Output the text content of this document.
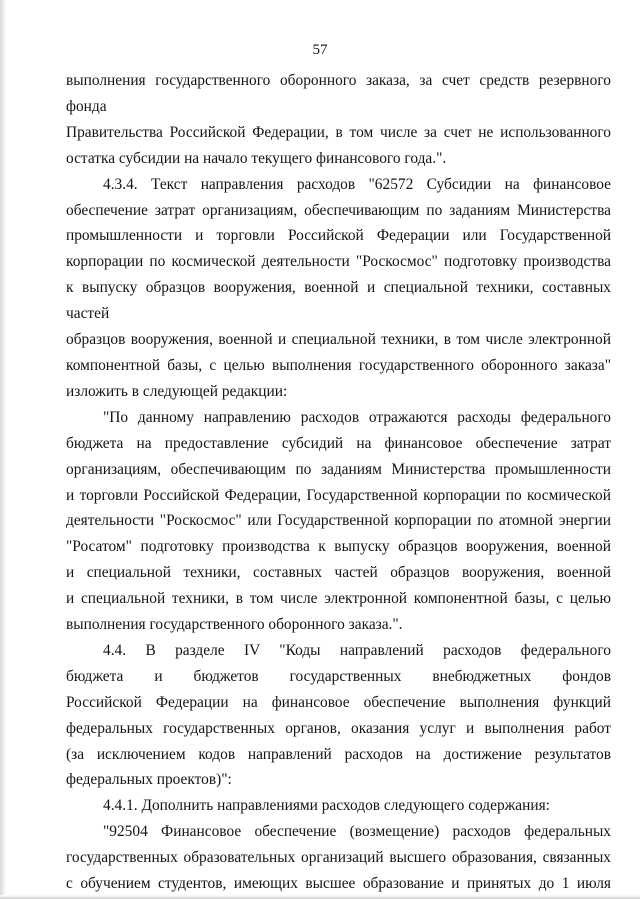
57

выполнения государственного оборонного заказа, за счет средств резервного фонда

Правительства Российской Федерации, в том числе за счет не использованного

остатка субсидии на начало текущего финансового года.".

4.3.4. Текст направления расходов "62572 Субсидии на финансовое

обеспечение затрат организациям, обеспечивающим по заданиям Министерства

промышленности и торговли Российской Федерации или Государственной

корпорации по космической деятельности "Роскосмос" подготовку производства

к выпуску образцов вооружения, военной и специальной техники, составных частей

образцов вооружения, военной и специальной техники, в том числе электронной

компонентной базы, с целью выполнения государственного оборонного заказа"

изложить в следующей редакции:

"По данному направлению расходов отражаются расходы федерального

бюджета на предоставление субсидий на финансовое обеспечение затрат

организациям, обеспечивающим по заданиям Министерства промышленности

и торговли Российской Федерации, Государственной корпорации по космической

деятельности "Роскосмос" или Государственной корпорации по атомной энергии

"Росатом" подготовку производства к выпуску образцов вооружения, военной

и специальной техники, составных частей образцов вооружения, военной

и специальной техники, в том числе электронной компонентной базы, с целью

выполнения государственного оборонного заказа.".

4.4. В разделе IV "Коды направлений расходов федерального

бюджета и бюджетов государственных внебюджетных фондов

Российской Федерации на финансовое обеспечение выполнения функций

федеральных государственных органов, оказания услуг и выполнения работ

(за исключением кодов направлений расходов на достижение результатов

федеральных проектов)":

4.4.1. Дополнить направлениями расходов следующего содержания:

"92504 Финансовое обеспечение (возмещение) расходов федеральных

государственных образовательных организаций высшего образования, связанных

с обучением студентов, имеющих высшее образование и принятых до 1 июля
